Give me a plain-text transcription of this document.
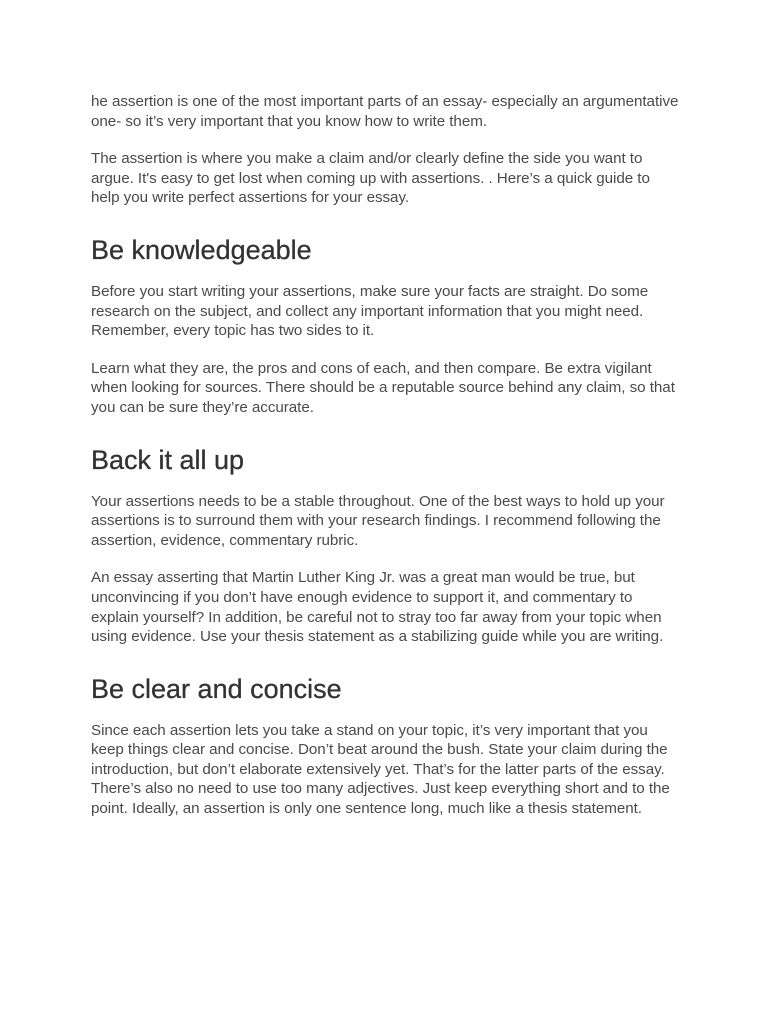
he assertion is one of the most important parts of an essay- especially an argumentative one- so it’s very important that you know how to write them.

The assertion is where you make a claim and/or clearly define the side you want to argue. It's easy to get lost when coming up with assertions. . Here’s a quick guide to help you write perfect assertions for your essay.

Be knowledgeable

Before you start writing your assertions, make sure your facts are straight. Do some research on the subject, and collect any important information that you might need. Remember, every topic has two sides to it.

Learn what they are, the pros and cons of each, and then compare. Be extra vigilant when looking for sources. There should be a reputable source behind any claim, so that you can be sure they’re accurate.

Back it all up

Your assertions needs to be a stable throughout. One of the best ways to hold up your assertions is to surround them with your research findings. I recommend following the assertion, evidence, commentary rubric.

An essay asserting that Martin Luther King Jr. was a great man would be true, but unconvincing if you don’t have enough evidence to support it, and commentary to explain yourself? In addition, be careful not to stray too far away from your topic when using evidence. Use your thesis statement as a stabilizing guide while you are writing.

Be clear and concise

Since each assertion lets you take a stand on your topic, it’s very important that you keep things clear and concise. Don’t beat around the bush. State your claim during the introduction, but don’t elaborate extensively yet. That’s for the latter parts of the essay. There’s also no need to use too many adjectives. Just keep everything short and to the point. Ideally, an assertion is only one sentence long, much like a thesis statement.
